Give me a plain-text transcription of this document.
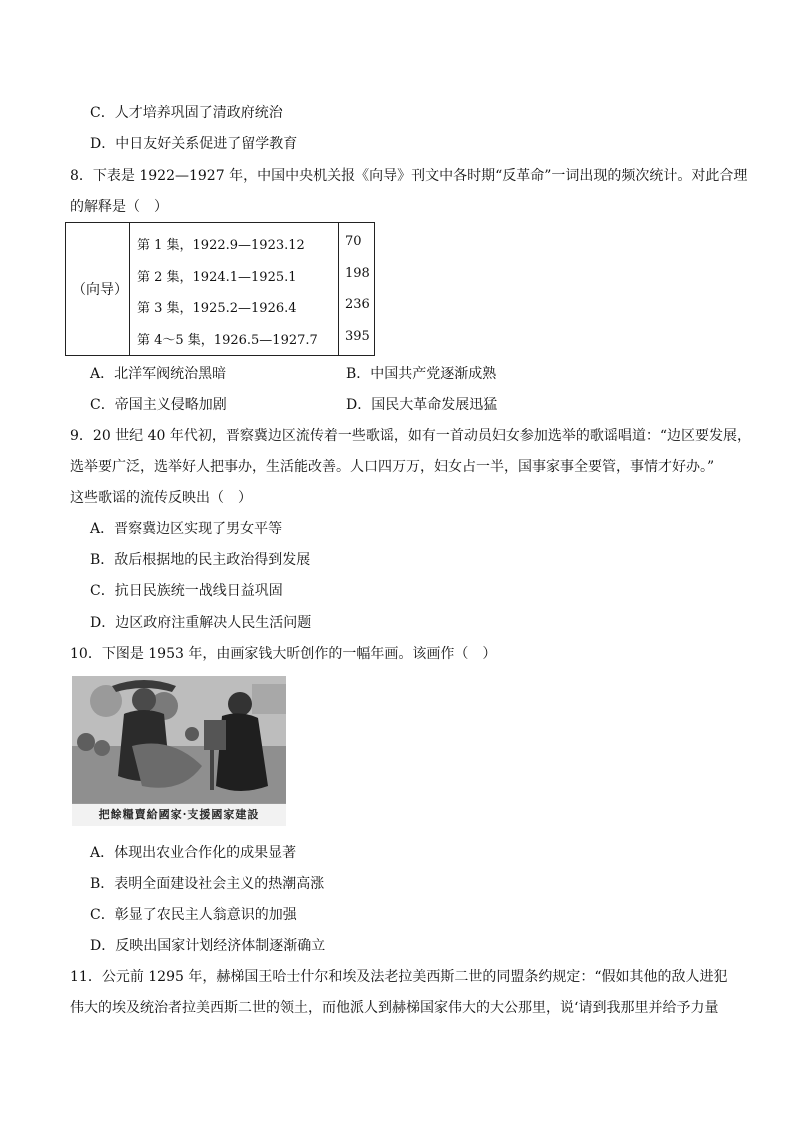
C．人才培养巩固了清政府统治
D．中日友好关系促进了留学教育
8．下表是 1922—1927 年，中国中央机关报《向导》刊文中各时期“反革命”一词出现的频次统计。对此合理
的解释是（　）
（向导）
第 1 集，1922.9—1923.12
第 2 集，1924.1—1925.1
第 3 集，1925.2—1926.4
第 4～5 集，1926.5—1927.7
70
198
236
395
A．北洋军阀统治黑暗	B．中国共产党逐渐成熟
C．帝国主义侵略加剧	D．国民大革命发展迅猛
9．20 世纪 40 年代初，晋察冀边区流传着一些歌谣，如有一首动员妇女参加选举的歌谣唱道：“边区要发展，
选举要广泛，选举好人把事办，生活能改善。人口四万万，妇女占一半，国事家事全要管，事情才好办。”
这些歌谣的流传反映出（　）
A．晋察冀边区实现了男女平等
B．敌后根据地的民主政治得到发展
C．抗日民族统一战线日益巩固
D．边区政府注重解决人民生活问题
10．下图是 1953 年，由画家钱大昕创作的一幅年画。该画作（　）
把餘糧賣給國家·支援國家建設
A．体现出农业合作化的成果显著
B．表明全面建设社会主义的热潮高涨
C．彰显了农民主人翁意识的加强
D．反映出国家计划经济体制逐渐确立
11．公元前 1295 年，赫梯国王哈士什尔和埃及法老拉美西斯二世的同盟条约规定：“假如其他的敌人进犯
伟大的埃及统治者拉美西斯二世的领土，而他派人到赫梯国家伟大的大公那里，说‘请到我那里并给予力量
